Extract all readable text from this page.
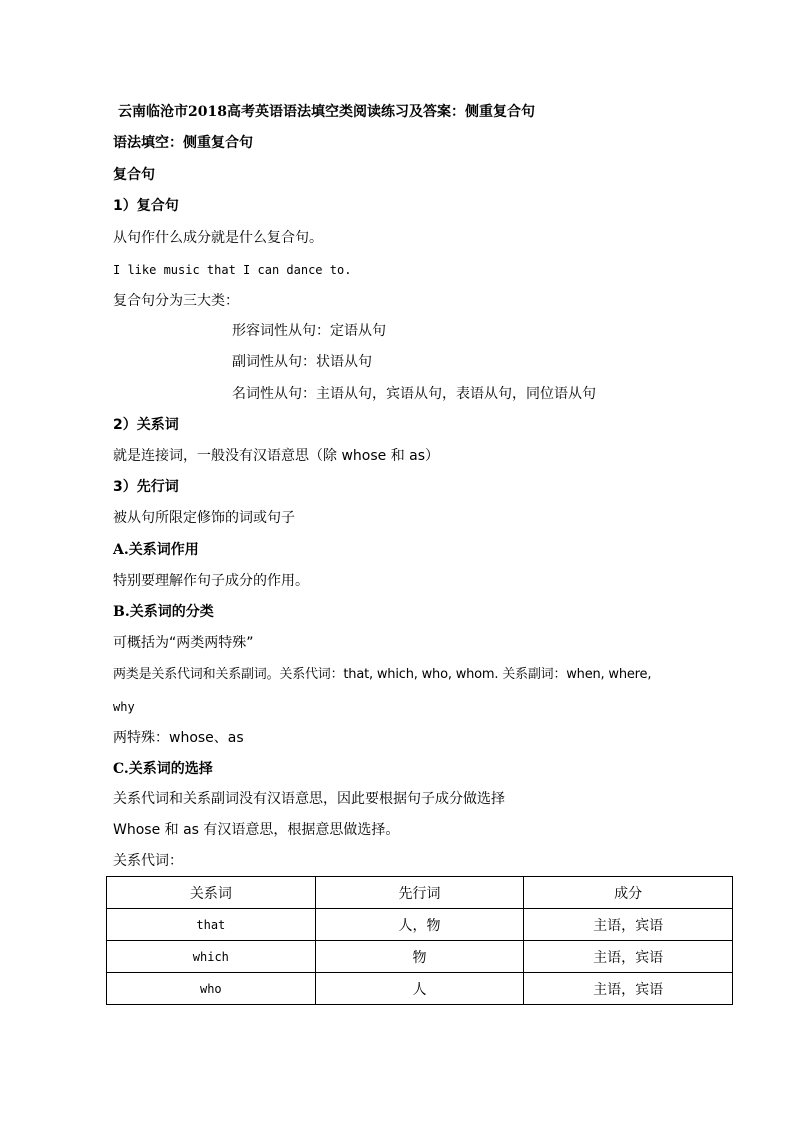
云南临沧市2018高考英语语法填空类阅读练习及答案：侧重复合句
语法填空：侧重复合句
复合句
1）复合句
从句作什么成分就是什么复合句。
I like music that I can dance to.
复合句分为三大类：
形容词性从句：定语从句
副词性从句：状语从句
名词性从句：主语从句，宾语从句，表语从句，同位语从句
2）关系词
就是连接词，一般没有汉语意思（除 whose 和 as）
3）先行词
被从句所限定修饰的词或句子
A.关系词作用
特别要理解作句子成分的作用。
B.关系词的分类
可概括为“两类两特殊”
两类是关系代词和关系副词。关系代词：that, which, who, whom. 关系副词：when, where,
why
两特殊：whose、as
C.关系词的选择
关系代词和关系副词没有汉语意思，因此要根据句子成分做选择
Whose 和 as 有汉语意思，根据意思做选择。
关系代词：
关系词	先行词	成分
that	人，物	主语，宾语
which	物	主语，宾语
who	人	主语，宾语
